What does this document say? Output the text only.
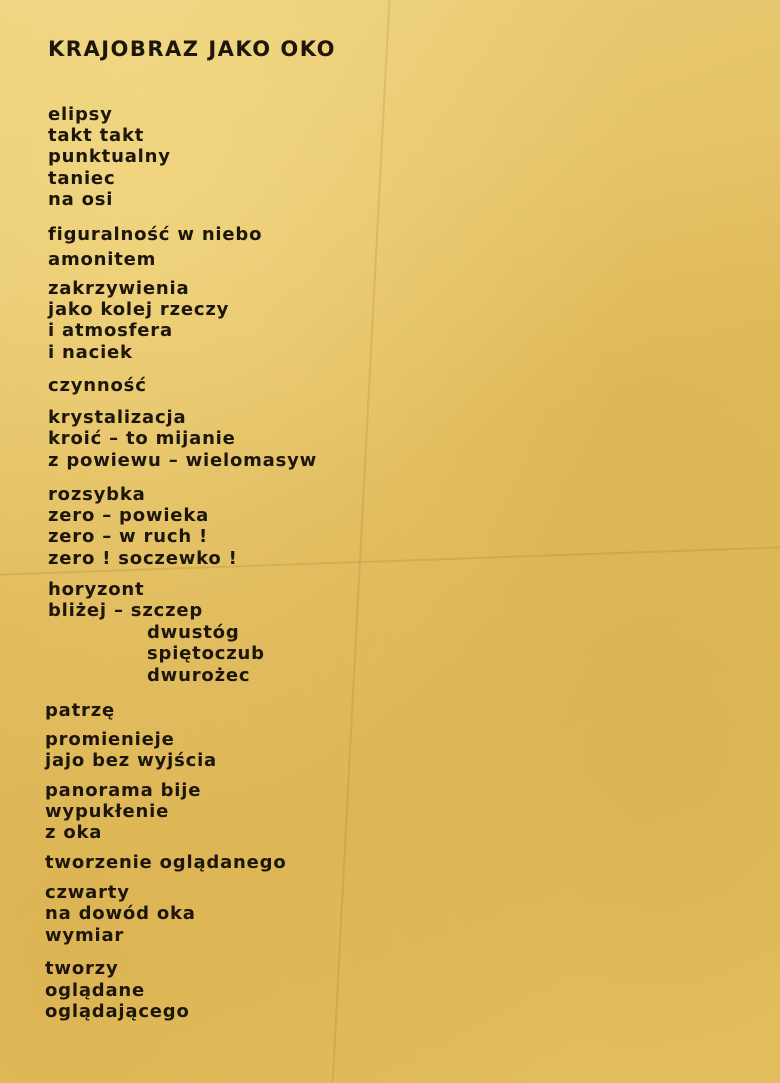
KRAJOBRAZ JAKO OKO

elipsy

takt takt

punktualny

taniec

na osi

figuralność w niebo

amonitem

zakrzywienia

jako kolej rzeczy

i atmosfera

i naciek

czynność

krystalizacja

kroić – to mijanie

z powiewu – wielomasyw

rozsybka

zero – powieka

zero – w ruch !

zero ! soczewko !

horyzont

bliżej – szczep

dwustóg

spiętoczub

dwurożec

patrzę

promienieje

jajo bez wyjścia

panorama bije

wypukłenie

z oka

tworzenie oglądanego

czwarty

na dowód oka

wymiar

tworzy

oglądane

oglądającego
